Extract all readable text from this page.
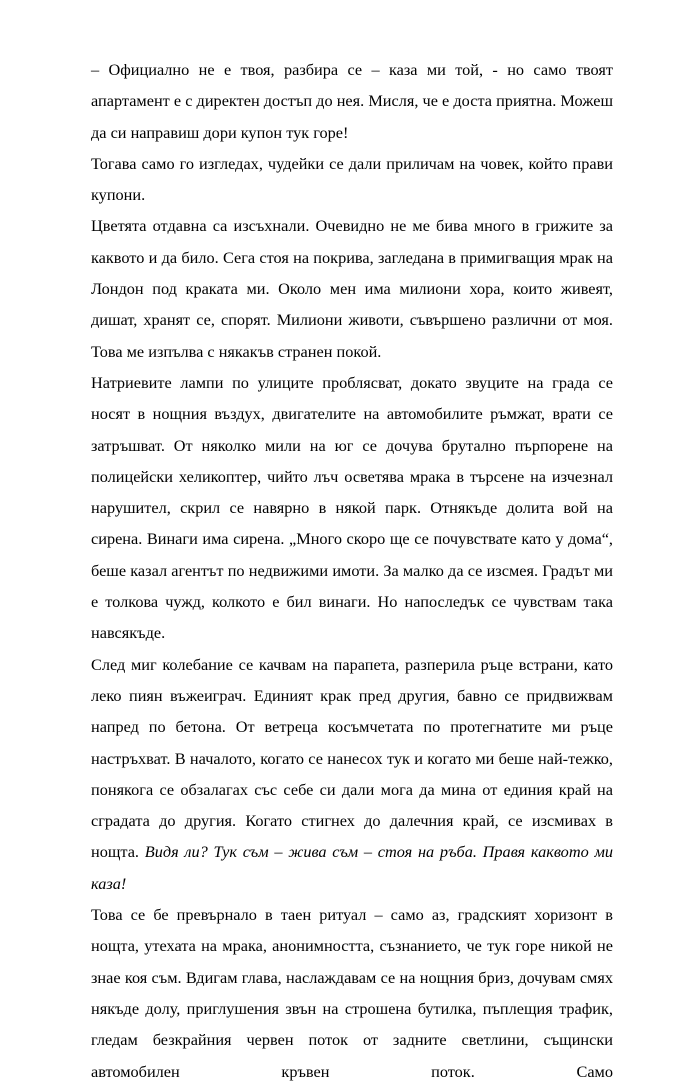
– Официално не е твоя, разбира се – каза ми той, - но само твоят апартамент е с директен достъп до нея. Мисля, че е доста приятна. Можеш да си направиш дори купон тук горе!

Тогава само го изгледах, чудейки се дали приличам на човек, който прави купони.

Цветята отдавна са изсъхнали. Очевидно не ме бива много в грижите за каквото и да било. Сега стоя на покрива, загледана в примигващия мрак на Лондон под краката ми. Около мен има милиони хора, които живеят, дишат, хранят се, спорят. Милиони животи, съвършено различни от моя. Това ме изпълва с някакъв странен покой.

Натриевите лампи по улиците проблясват, докато звуците на града се носят в нощния въздух, двигателите на автомобилите ръмжат, врати се затръшват. От няколко мили на юг се дочува брутално пърпорене на полицейски хеликоптер, чийто лъч осветява мрака в търсене на изчезнал нарушител, скрил се навярно в някой парк. Отнякъде долита вой на сирена. Винаги има сирена. „Много скоро ще се почувствате като у дома“, беше казал агентът по недвижими имоти. За малко да се изсмея. Градът ми е толкова чужд, колкото е бил винаги. Но напоследък се чувствам така навсякъде.

След миг колебание се качвам на парапета, разперила ръце встрани, като леко пиян въжеиграч. Единият крак пред другия, бавно се придвижвам напред по бетона. От ветреца косъмчетата по протегнатите ми ръце настръхват. В началото, когато се нанесох тук и когато ми беше най-тежко, понякога се обзалагах със себе си дали мога да мина от единия край на сградата до другия. Когато стигнех до далечния край, се изсмивах в нощта. Видя ли? Тук съм – жива съм – стоя на ръба. Правя каквото ми каза!

Това се бе превърнало в таен ритуал – само аз, градският хоризонт в нощта, утехата на мрака, анонимността, съзнанието, че тук горе никой не знае коя съм. Вдигам глава, наслаждавам се на нощния бриз, дочувам смях някъде долу, приглушения звън на строшена бутилка, пъплещия трафик, гледам безкрайния червен поток от задните светлини, същински автомобилен кръвен поток. Само
